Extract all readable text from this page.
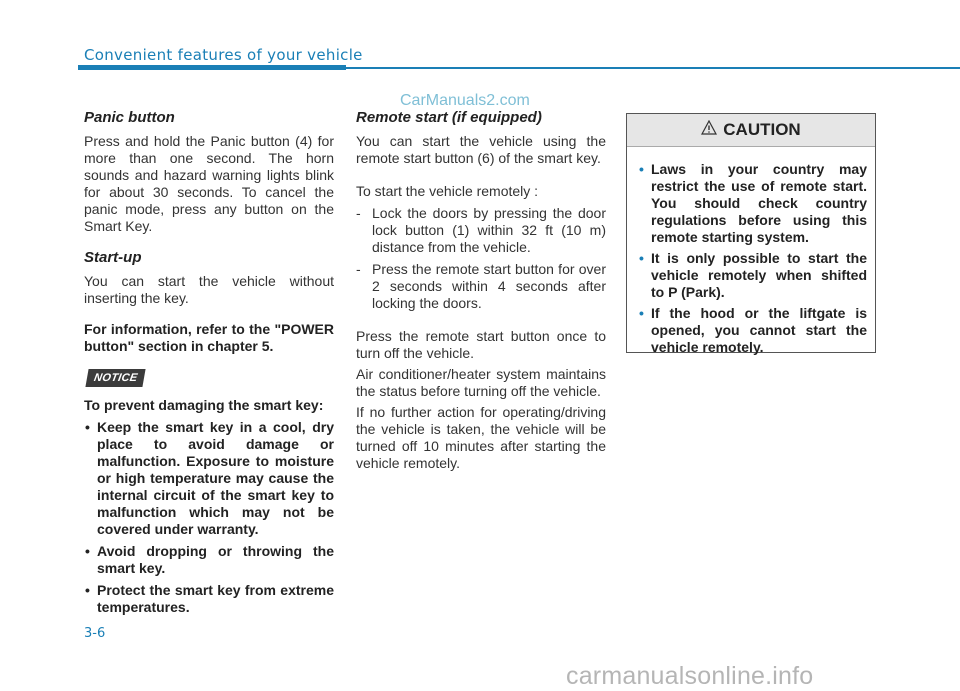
Convenient features of your vehicle
CarManuals2.com
Panic button

Press and hold the Panic button (4) for more than one second. The horn sounds and hazard warning lights blink for about 30 seconds. To cancel the panic mode, press any button on the Smart Key.

Start-up

You can start the vehicle without inserting the key.

For information, refer to the "POWER button" section in chapter 5.

NOTICE

To prevent damaging the smart key:

• Keep the smart key in a cool, dry place to avoid damage or malfunction. Exposure to moisture or high temperature may cause the internal circuit of the smart key to malfunction which may not be covered under warranty.
• Avoid dropping or throwing the smart key.
• Protect the smart key from extreme temperatures.
Remote start (if equipped)

You can start the vehicle using the remote start button (6) of the smart key.

To start the vehicle remotely :

- Lock the doors by pressing the door lock button (1) within 32 ft (10 m) distance from the vehicle.
- Press the remote start button for over 2 seconds within 4 seconds after locking the doors.

Press the remote start button once to turn off the vehicle.

Air conditioner/heater system maintains the status before turning off the vehicle.

If no further action for operating/driving the vehicle is taken, the vehicle will be turned off 10 minutes after starting the vehicle remotely.

CAUTION
• Laws in your country may restrict the use of remote start. You should check country regulations before using this remote starting system.
• It is only possible to start the vehicle remotely when shifted to P (Park).
• If the hood or the liftgate is opened, you cannot start the vehicle remotely.
3-6
carmanualsonline.info
